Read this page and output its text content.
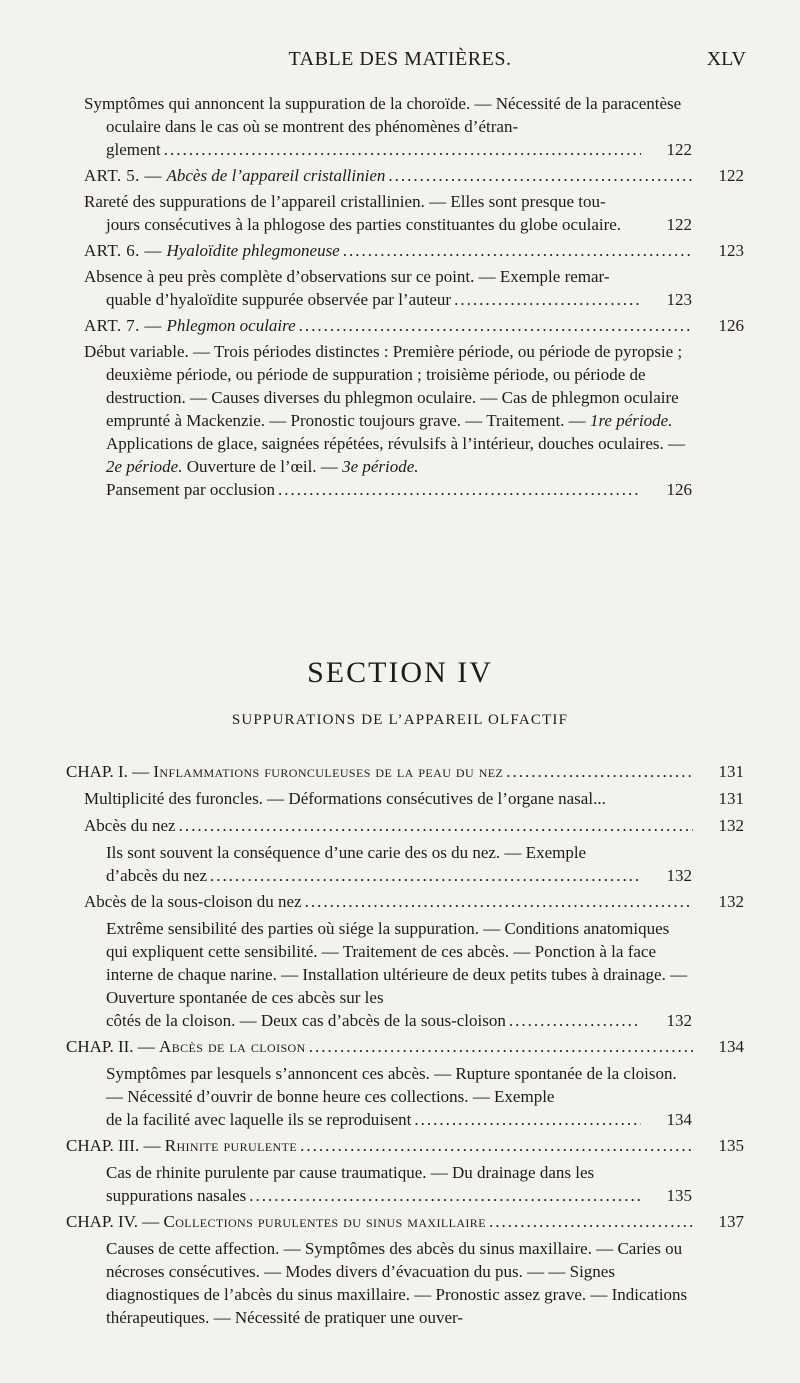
TABLE DES MATIÈRES.	XLV
Symptômes qui annoncent la suppuration de la choroïde. — Nécessité de la paracentèse oculaire dans le cas où se montrent des phénomènes d’étran-
glement .....	122
ART. 5. — Abcès de l’appareil cristallinien .....	122
Rareté des suppurations de l’appareil cristallinien. — Elles sont presque tou-
jours consécutives à la phlogose des parties constituantes du globe oculaire.	122
ART. 6. — Hyaloïdite phlegmoneuse .....	123
Absence à peu près complète d’observations sur ce point. — Exemple remar-
quable d’hyaloïdite suppurée observée par l’auteur .....	123
ART. 7. — Phlegmon oculaire .....	126
Début variable. — Trois périodes distinctes : Première période, ou période de pyropsie ; deuxième période, ou période de suppuration ; troisième période, ou période de destruction. — Causes diverses du phlegmon oculaire. — Cas de phlegmon oculaire emprunté à Mackenzie. — Pronostic toujours grave. — Traitement. — 1re période. Applications de glace, saignées répétées, révulsifs à l’intérieur, douches oculaires. — 2e période. Ouverture de l’œil. — 3e période.
Pansement par occlusion .....	126
SECTION IV
SUPPURATIONS DE L’APPAREIL OLFACTIF
CHAP. I. — Inflammations furonculeuses de la peau du nez .....	131
Multiplicité des furoncles. — Déformations consécutives de l’organe nasal...	131
Abcès du nez .....	132
Ils sont souvent la conséquence d’une carie des os du nez. — Exemple
d’abcès du nez .....	132
Abcès de la sous-cloison du nez .....	132
Extrême sensibilité des parties où siége la suppuration. — Conditions anatomiques qui expliquent cette sensibilité. — Traitement de ces abcès. — Ponction à la face interne de chaque narine. — Installation ultérieure de deux petits tubes à drainage. — Ouverture spontanée de ces abcès sur les
côtés de la cloison. — Deux cas d’abcès de la sous-cloison .....	132
CHAP. II. — Abcès de la cloison .....	134
Symptômes par lesquels s’annoncent ces abcès. — Rupture spontanée de la cloison. — Nécessité d’ouvrir de bonne heure ces collections. — Exemple
de la facilité avec laquelle ils se reproduisent .....	134
CHAP. III. — Rhinite purulente .....	135
Cas de rhinite purulente par cause traumatique. — Du drainage dans les
suppurations nasales .....	135
CHAP. IV. — Collections purulentes du sinus maxillaire .....	137
Causes de cette affection. — Symptômes des abcès du sinus maxillaire. — Caries ou nécroses consécutives. — Modes divers d’évacuation du pus. — — Signes diagnostiques de l’abcès du sinus maxillaire. — Pronostic assez grave. — Indications thérapeutiques. — Nécessité de pratiquer une ouver-
